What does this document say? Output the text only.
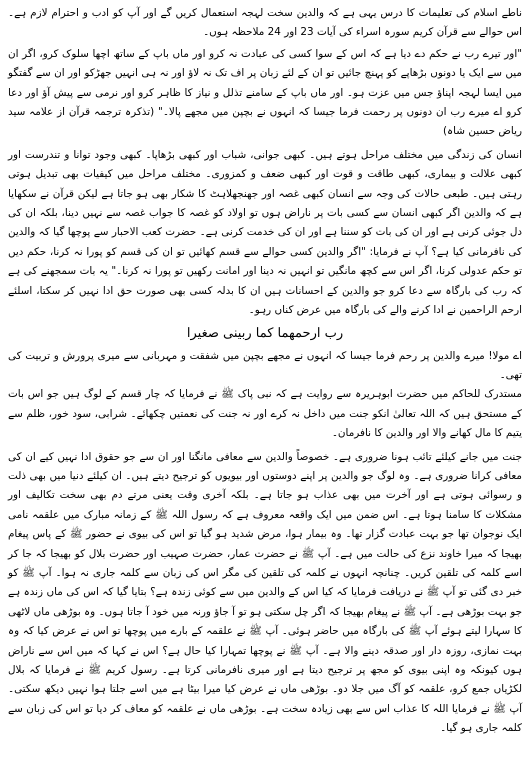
ناطے اسلام کی تعلیمات کا درس یہی ہے کہ والدین سخت لہجہ استعمال کریں گے اور آپ کو ادب و احترام لازم ہے۔اس حوالے سے قرآن کریم سورہ اسراء کی آیات 23 اور 24 ملاحظہ ہوں۔

"اور تیرے رب نے حکم دے دیا ہے کہ اس کے سوا کسی کی عبادت نہ کرو اور ماں باپ کے ساتھ اچھا سلوک کرو، اگر ان میں سے ایک یا دونوں بڑھاپے کو پہنچ جائیں تو ان کے لئے زبان پر اف تک نہ لاؤ اور نہ ہی انہیں جھڑکو اور ان سے گفتگو میں ایسا لہجہ اپناؤ جس میں عزت ہو۔ اور ماں باپ کے سامنے تذلل و نیاز کا ظاہر کرو اور نرمی سے پیش آؤ اور دعا کرو اے میرے رب ان دونوں پر رحمت فرما جیسا کہ انہوں نے بچپن میں مجھے پالا۔" (تذکرہ ترجمہ قرآن از علامہ سید ریاض حسین شاہ)

انسان کی زندگی میں مختلف مراحل ہوتے ہیں۔ کبھی جوانی، شباب اور کبھی بڑھاپا۔ کبھی وجود توانا و تندرست اور کبھی علالت و بیماری، کبھی طاقت و قوت اور کبھی ضعف و کمزوری۔ مختلف مراحل میں کیفیات بھی تبدیل ہوتی رہتی ہیں۔ طبعی حالات کی وجہ سے انسان کبھی غصہ اور جھنجھلاہٹ کا شکار بھی ہو جاتا ہے لیکن قرآن نے سکھایا ہے کہ والدین اگر کبھی انسان سے کسی بات پر ناراض ہوں تو اولاد کو غصہ کا جواب غصہ سے نہیں دینا، بلکہ ان کی دل جوئی کرنی ہے اور ان کی بات کو سننا ہے اور ان کی خدمت کرنی ہے۔ حضرت کعب الاحبار سے پوچھا گیا کہ والدین کی نافرمانی کیا ہے؟ آپ نے فرمایا: "اگر والدین کسی حوالے سے قسم کھائیں تو ان کی قسم کو پورا نہ کرنا، حکم دیں تو حکم عدولی کرنا، اگر اس سے کچھ مانگیں تو انہیں نہ دینا اور امانت رکھیں تو پورا نہ کرنا۔" یہ بات سمجھنے کی ہے کہ رب کی بارگاہ سے دعا کرو جو والدین کے احسانات ہیں ان کا بدلہ کسی بھی صورت حق ادا نہیں کر سکتا، اسلئے ارحم الراحمین نے ادا کرنے والے کی بارگاہ میں عرض کناں رہو۔

رب ارحمھما کما ربینی صغیرا

اے مولا! میرے والدین پر رحم فرما جیسا کہ انہوں نے مجھے بچپن میں شفقت و مہربانی سے میری پرورش و تربیت کی تھی۔

مستدرک للحاکم میں حضرت ابوہریرہ سے روایت ہے کہ نبی پاک ﷺ نے فرمایا کہ چار قسم کے لوگ ہیں جو اس بات کے مستحق ہیں کہ اللہ تعالیٰ انکو جنت میں داخل نہ کرے اور نہ جنت کی نعمتیں چکھائے۔ شرابی، سود خور، ظلم سے یتیم کا مال کھانے والا اور والدین کا نافرمان۔

جنت میں جانے کیلئے تائب ہونا ضروری ہے۔ خصوصاً والدین سے معافی مانگنا اور ان سے جو حقوق ادا نہیں کیے ان کی معافی کرانا ضروری ہے۔ وہ لوگ جو والدین پر اپنے دوستوں اور بیویوں کو ترجیح دیتے ہیں۔ ان کیلئے دنیا میں بھی ذلت و رسوائی ہوتی ہے اور آخرت میں بھی عذاب ہو جاتا ہے۔ بلکہ آخری وقت یعنی مرتے دم بھی سخت تکالیف اور مشکلات کا سامنا ہوتا ہے۔ اس ضمن میں ایک واقعہ معروف ہے کہ رسول اللہ ﷺ کے زمانہ مبارک میں علقمہ نامی ایک نوجوان تھا جو بہت عبادت گزار تھا۔ وہ بیمار ہوا، مرض شدید ہو گیا تو اس کی بیوی نے حضور ﷺ کے پاس پیغام بھیجا کہ میرا خاوند نزع کی حالت میں ہے۔ آپ ﷺ نے حضرت عمار، حضرت صہیب اور حضرت بلال کو بھیجا کہ جا کر اسے کلمہ کی تلقین کریں۔ چنانچہ انہوں نے کلمہ کی تلقین کی مگر اس کی زبان سے کلمہ جاری نہ ہوا۔ آپ ﷺ کو خبر دی گئی تو آپ ﷺ نے دریافت فرمایا کہ کیا اس کے والدین میں سے کوئی زندہ ہے؟ بتایا گیا کہ اس کی ماں زندہ ہے جو بہت بوڑھی ہے۔ آپ ﷺ نے پیغام بھیجا کہ اگر چل سکتی ہو تو آ جاؤ ورنہ میں خود آ جاتا ہوں۔ وہ بوڑھی ماں لاٹھی کا سہارا لیتے ہوئے آپ ﷺ کی بارگاہ میں حاضر ہوئی۔ آپ ﷺ نے علقمہ کے بارے میں پوچھا تو اس نے عرض کیا کہ وہ بہت نمازی، روزہ دار اور صدقہ دینے والا ہے۔ آپ ﷺ نے پوچھا تمہارا کیا حال ہے؟ اس نے کہا کہ میں اس سے ناراض ہوں کیونکہ وہ اپنی بیوی کو مجھ پر ترجیح دیتا ہے اور میری نافرمانی کرتا ہے۔ رسول کریم ﷺ نے فرمایا کہ بلال لکڑیاں جمع کرو، علقمہ کو آگ میں جلا دو۔ بوڑھی ماں نے عرض کیا میرا بیٹا ہے میں اسے جلتا ہوا نہیں دیکھ سکتی۔ آپ ﷺ نے فرمایا اللہ کا عذاب اس سے بھی زیادہ سخت ہے۔ بوڑھی ماں نے علقمہ کو معاف کر دیا تو اس کی زبان سے کلمہ جاری ہو گیا۔
